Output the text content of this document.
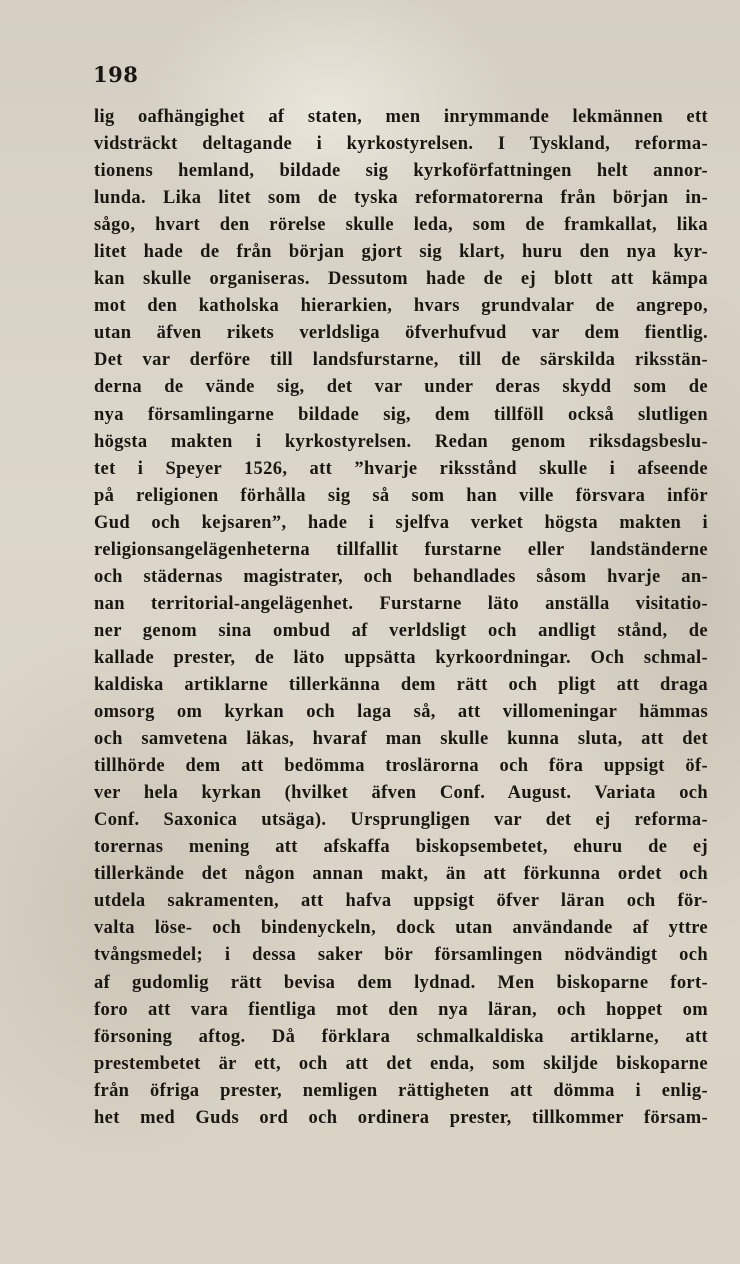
198
lig oafhängighet af staten, men inrymmande lekmännen ett
vidsträckt deltagande i kyrkostyrelsen. I Tyskland, reforma-
tionens hemland, bildade sig kyrkoförfattningen helt annor-
lunda. Lika litet som de tyska reformatorerna från början in-
sågo, hvart den rörelse skulle leda, som de framkallat, lika
litet hade de från början gjort sig klart, huru den nya kyr-
kan skulle organiseras. Dessutom hade de ej blott att kämpa
mot den katholska hierarkien, hvars grundvalar de angrepo,
utan äfven rikets verldsliga öfverhufvud var dem fientlig.
Det var derföre till landsfurstarne, till de särskilda riksstän-
derna de vände sig, det var under deras skydd som de
nya församlingarne bildade sig, dem tillföll också slutligen
högsta makten i kyrkostyrelsen. Redan genom riksdagsbeslu-
tet i Speyer 1526, att ”hvarje riksstånd skulle i afseende
på religionen förhålla sig så som han ville försvara inför
Gud och kejsaren”, hade i sjelfva verket högsta makten i
religionsangelägenheterna tillfallit furstarne eller landständerne
och städernas magistrater, och behandlades såsom hvarje an-
nan territorial-angelägenhet. Furstarne läto anställa visitatio-
ner genom sina ombud af verldsligt och andligt stånd, de
kallade prester, de läto uppsätta kyrkoordningar. Och schmal-
kaldiska artiklarne tillerkänna dem rätt och pligt att draga
omsorg om kyrkan och laga så, att villomeningar hämmas
och samvetena läkas, hvaraf man skulle kunna sluta, att det
tillhörde dem att bedömma troslärorna och föra uppsigt öf-
ver hela kyrkan (hvilket äfven Conf. August. Variata och
Conf. Saxonica utsäga). Ursprungligen var det ej reforma-
torernas mening att afskaffa biskopsembetet, ehuru de ej
tillerkände det någon annan makt, än att förkunna ordet och
utdela sakramenten, att hafva uppsigt öfver läran och för-
valta löse- och bindenyckeln, dock utan användande af yttre
tvångsmedel; i dessa saker bör församlingen nödvändigt och
af gudomlig rätt bevisa dem lydnad. Men biskoparne fort-
foro att vara fientliga mot den nya läran, och hoppet om
försoning aftog. Då förklara schmalkaldiska artiklarne, att
prestembetet är ett, och att det enda, som skiljde biskoparne
från öfriga prester, nemligen rättigheten att dömma i enlig-
het med Guds ord och ordinera prester, tillkommer försam-
